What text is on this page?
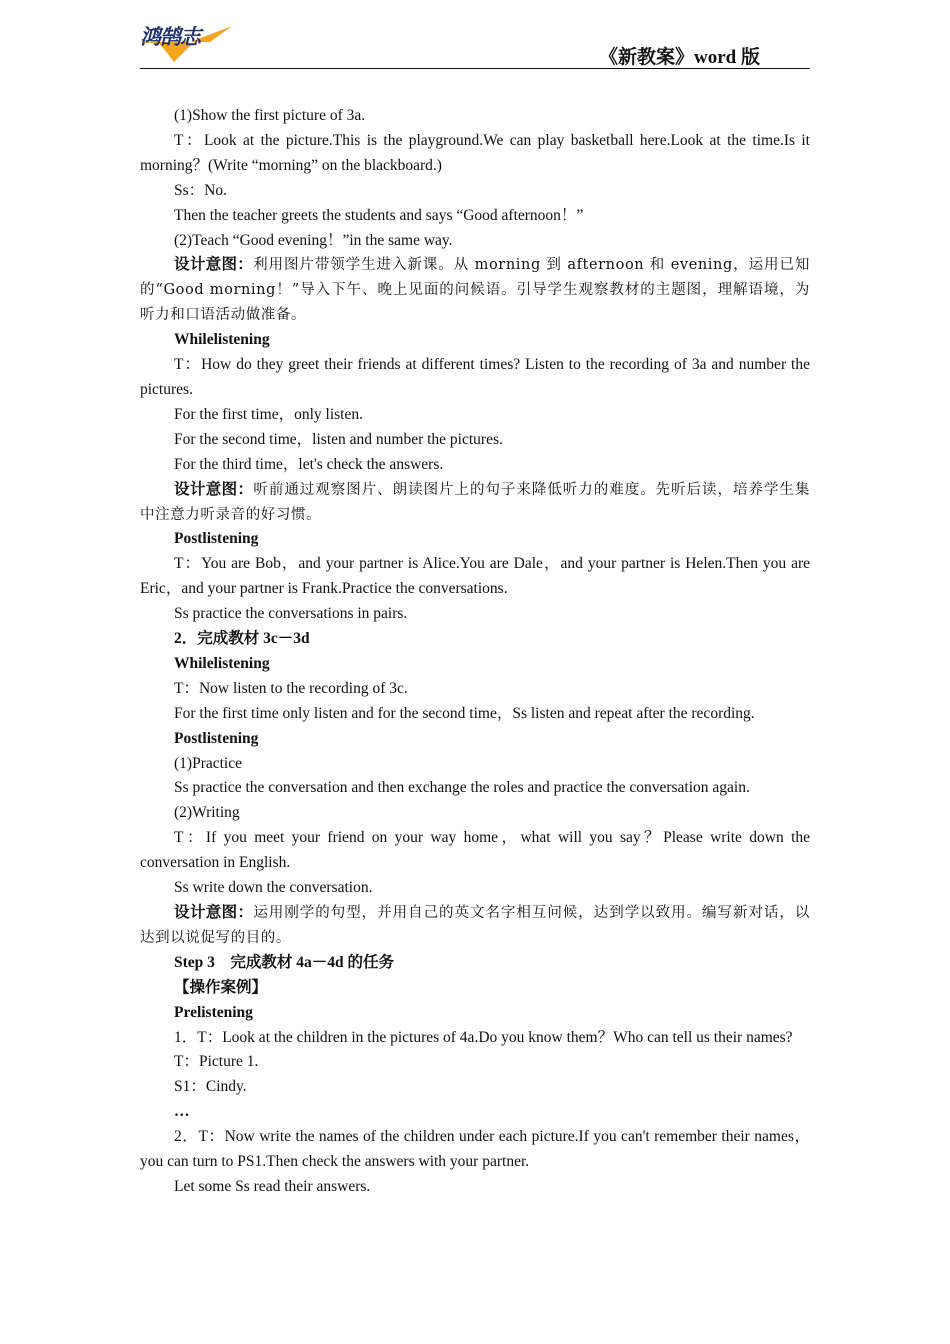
鸿鹄志
《新教案》word 版

(1)Show the first picture of 3a.

T：Look at the picture.This is the playground.We can play basketball here.Look at the time.Is it morning？(Write “morning” on the blackboard.)

Ss：No.

Then the teacher greets the students and says “Good afternoon！”

(2)Teach “Good evening！”in the same way.

设计意图：利用图片带领学生进入新课。从 morning 到 afternoon 和 evening，运用已知的“Good morning！”导入下午、晚上见面的问候语。引导学生观察教材的主题图，理解语境，为听力和口语活动做准备。

Whilelistening

T：How do they greet their friends at different times? Listen to the recording of 3a and number the pictures.

For the first time，only listen.

For the second time，listen and number the pictures.

For the third time，let's check the answers.

设计意图：听前通过观察图片、朗读图片上的句子来降低听力的难度。先听后读，培养学生集中注意力听录音的好习惯。

Postlistening

T：You are Bob，and your partner is Alice.You are Dale，and your partner is Helen.Then you are Eric，and your partner is Frank.Practice the conversations.

Ss practice the conversations in pairs.

2．完成教材 3c－3d

Whilelistening

T：Now listen to the recording of 3c.

For the first time only listen and for the second time，Ss listen and repeat after the recording.

Postlistening

(1)Practice

Ss practice the conversation and then exchange the roles and practice the conversation again.

(2)Writing

T：If you meet your friend on your way home，what will you say？Please write down the conversation in English.

Ss write down the conversation.

设计意图：运用刚学的句型，并用自己的英文名字相互问候，达到学以致用。编写新对话，以达到以说促写的目的。

Step 3　完成教材 4a－4d 的任务

【操作案例】

Prelistening

1．T：Look at the children in the pictures of 4a.Do you know them？Who can tell us their names?

T：Picture 1.

S1：Cindy.

…

2．T：Now write the names of the children under each picture.If you can't remember their names，you can turn to PS1.Then check the answers with your partner.

Let some Ss read their answers.
